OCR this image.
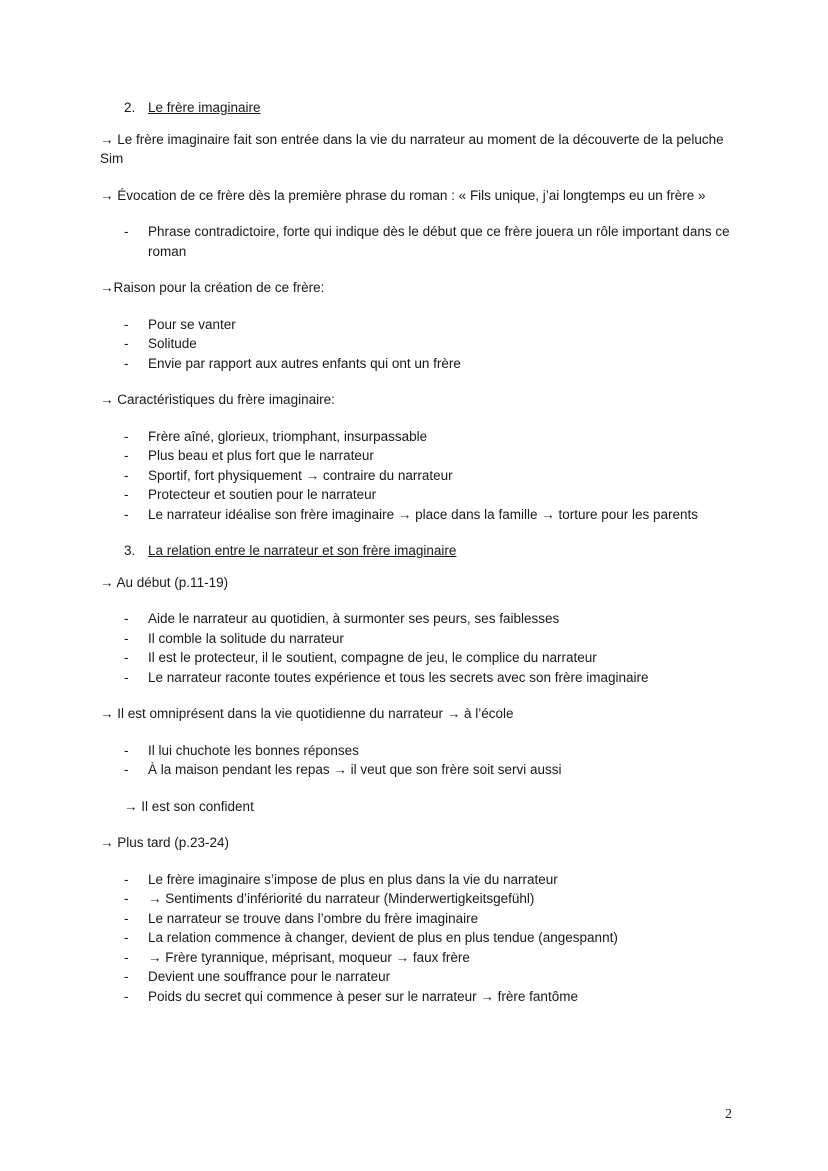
2. Le frère imaginaire
→ Le frère imaginaire fait son entrée dans la vie du narrateur au moment de la découverte de la peluche Sim
→ Évocation de ce frère dès la première phrase du roman : « Fils unique, j’ai longtemps eu un frère »
- Phrase contradictoire, forte qui indique dès le début que ce frère jouera un rôle important dans ce roman
→Raison pour la création de ce frère:
- Pour se vanter
- Solitude
- Envie par rapport aux autres enfants qui ont un frère
→ Caractéristiques du frère imaginaire:
- Frère aîné, glorieux, triomphant, insurpassable
- Plus beau et plus fort que le narrateur
- Sportif, fort physiquement → contraire du narrateur
- Protecteur et soutien pour le narrateur
- Le narrateur idéalise son frère imaginaire → place dans la famille → torture pour les parents
3. La relation entre le narrateur et son frère imaginaire
→ Au début (p.11-19)
- Aide le narrateur au quotidien, à surmonter ses peurs, ses faiblesses
- Il comble la solitude du narrateur
- Il est le protecteur, il le soutient, compagne de jeu, le complice du narrateur
- Le narrateur raconte toutes expérience et tous les secrets avec son frère imaginaire
→ Il est omniprésent dans la vie quotidienne du narrateur → à l’école
- Il lui chuchote les bonnes réponses
- À la maison pendant les repas → il veut que son frère soit servi aussi
→ Il est son confident
→ Plus tard (p.23-24)
- Le frère imaginaire s’impose de plus en plus dans la vie du narrateur
- → Sentiments d’infériorité du narrateur (Minderwertigkeitsgefühl)
- Le narrateur se trouve dans l’ombre du frère imaginaire
- La relation commence à changer, devient de plus en plus tendue (angespannt)
- → Frère tyrannique, méprisant, moqueur → faux frère
- Devient une souffrance pour le narrateur
- Poids du secret qui commence à peser sur le narrateur → frère fantôme
2
